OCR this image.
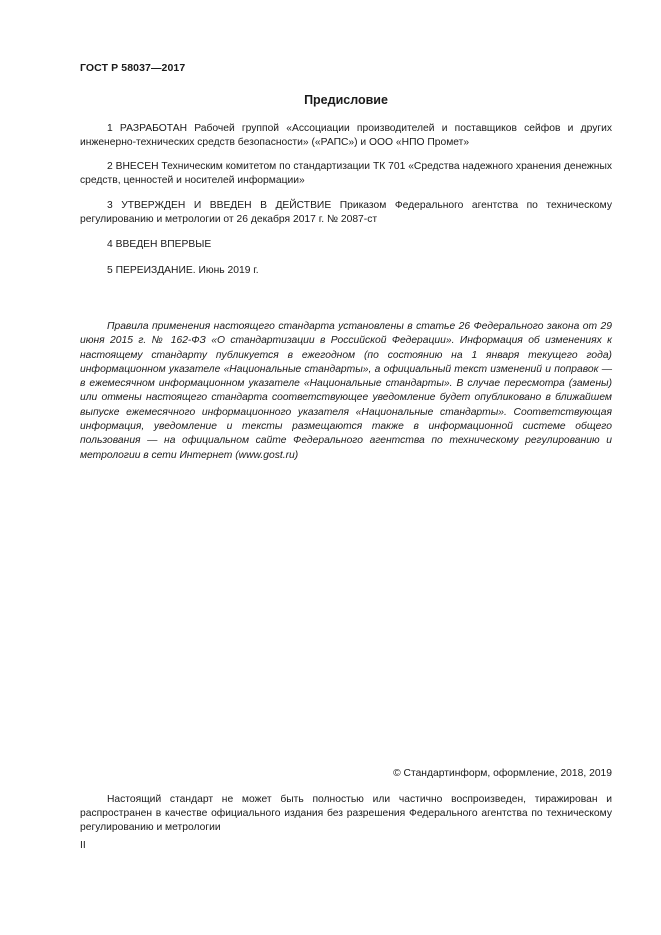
ГОСТ Р 58037—2017
Предисловие

1 РАЗРАБОТАН Рабочей группой «Ассоциации производителей и поставщиков сейфов и других инженерно-технических средств безопасности» («РАПС») и ООО «НПО Промет»

2 ВНЕСЕН Техническим комитетом по стандартизации ТК 701 «Средства надежного хранения денежных средств, ценностей и носителей информации»

3 УТВЕРЖДЕН И ВВЕДЕН В ДЕЙСТВИЕ Приказом Федерального агентства по техническому регулированию и метрологии от 26 декабря 2017 г. № 2087-ст

4 ВВЕДЕН ВПЕРВЫЕ

5 ПЕРЕИЗДАНИЕ. Июнь 2019 г.

Правила применения настоящего стандарта установлены в статье 26 Федерального закона от 29 июня 2015 г. № 162-ФЗ «О стандартизации в Российской Федерации». Информация об изменениях к настоящему стандарту публикуется в ежегодном (по состоянию на 1 января текущего года) информационном указателе «Национальные стандарты», а официальный текст изменений и поправок — в ежемесячном информационном указателе «Национальные стандарты». В случае пересмотра (замены) или отмены настоящего стандарта соответствующее уведомление будет опубликовано в ближайшем выпуске ежемесячного информационного указателя «Национальные стандарты». Соответствующая информация, уведомление и тексты размещаются также в информационной системе общего пользования — на официальном сайте Федерального агентства по техническому регулированию и метрологии в сети Интернет (www.gost.ru)

© Стандартинформ, оформление, 2018, 2019

Настоящий стандарт не может быть полностью или частично воспроизведен, тиражирован и распространен в качестве официального издания без разрешения Федерального агентства по техническому регулированию и метрологии

II
